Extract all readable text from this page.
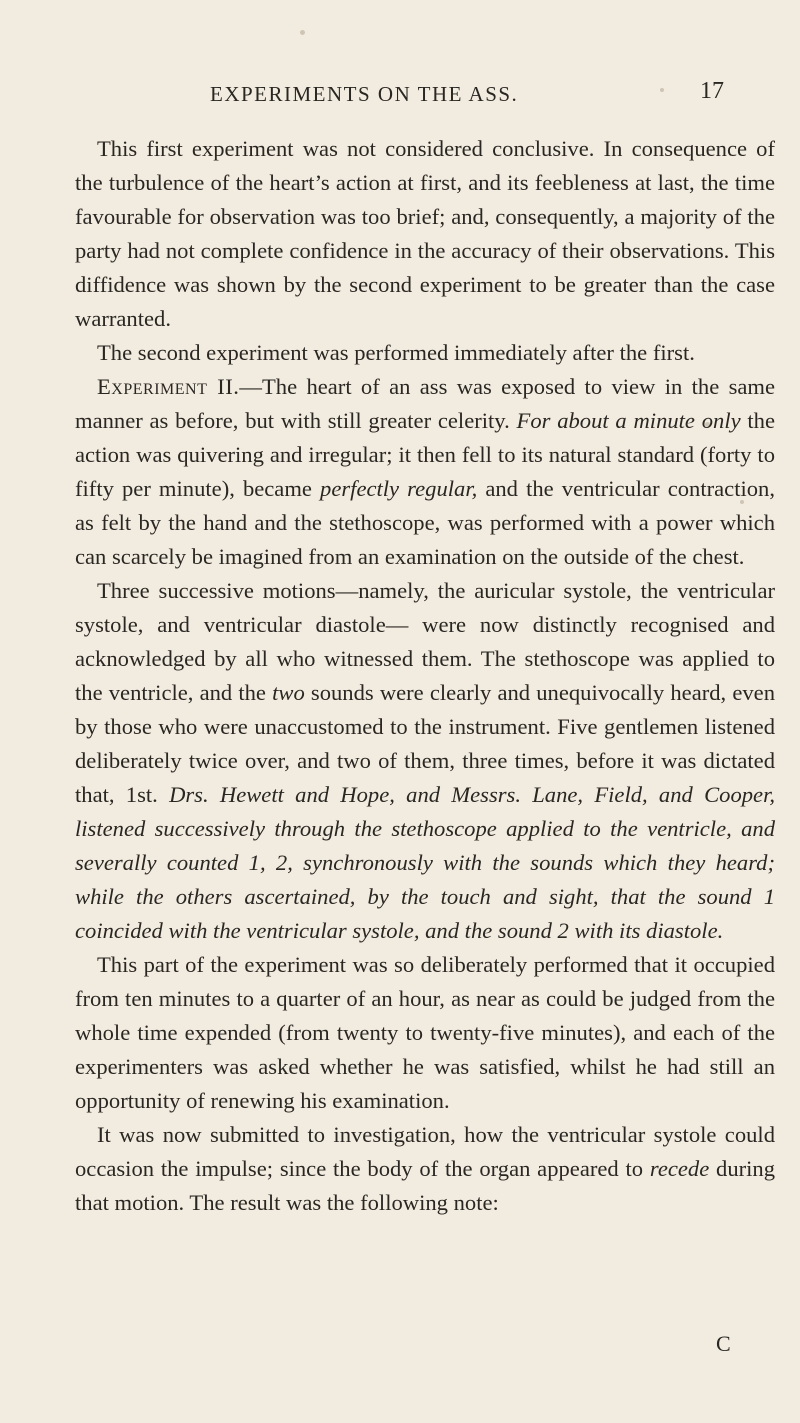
EXPERIMENTS ON THE ASS.	17

This first experiment was not considered conclusive. In consequence of the turbulence of the heart’s action at first, and its feebleness at last, the time favourable for observation was too brief; and, consequently, a majority of the party had not complete confidence in the accuracy of their observations. This diffidence was shown by the second experiment to be greater than the case warranted.

The second experiment was performed immediately after the first.

Experiment II.—The heart of an ass was exposed to view in the same manner as before, but with still greater celerity. For about a minute only the action was quivering and irregular; it then fell to its natural standard (forty to fifty per minute), became perfectly regular, and the ventricular contraction, as felt by the hand and the stethoscope, was performed with a power which can scarcely be imagined from an examination on the outside of the chest.

Three successive motions—namely, the auricular systole, the ventricular systole, and ventricular diastole— were now distinctly recognised and acknowledged by all who witnessed them. The stethoscope was applied to the ventricle, and the two sounds were clearly and unequivocally heard, even by those who were unaccustomed to the instrument. Five gentlemen listened deliberately twice over, and two of them, three times, before it was dictated that, 1st. Drs. Hewett and Hope, and Messrs. Lane, Field, and Cooper, listened successively through the stethoscope applied to the ventricle, and severally counted 1, 2, synchronously with the sounds which they heard; while the others ascertained, by the touch and sight, that the sound 1 coincided with the ventricular systole, and the sound 2 with its diastole.

This part of the experiment was so deliberately performed that it occupied from ten minutes to a quarter of an hour, as near as could be judged from the whole time expended (from twenty to twenty-five minutes), and each of the experimenters was asked whether he was satisfied, whilst he had still an opportunity of renewing his examination.

It was now submitted to investigation, how the ventricular systole could occasion the impulse; since the body of the organ appeared to recede during that motion. The result was the following note:

C
